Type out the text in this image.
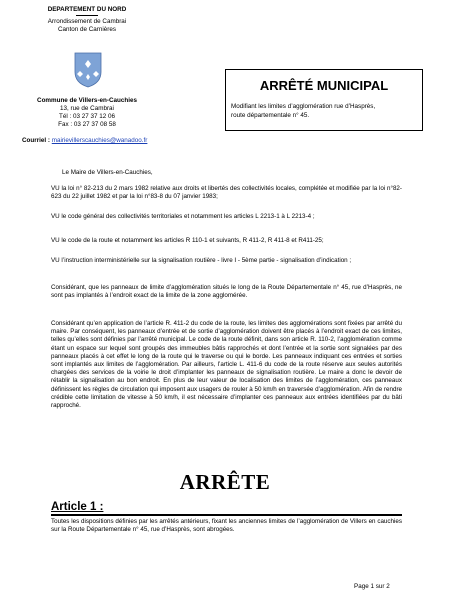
DEPARTEMENT DU NORD
Arrondissement de Cambrai
Canton de Carnières
Commune de Villers-en-Cauchies
13, rue de Cambrai
Tél : 03 27 37 12 06
Fax : 03 27 37 08 58
Courriel : mairievillerscauchies@wanadoo.fr
ARRÊTÉ MUNICIPAL
Modifiant les limites d’agglomération rue d’Hasprès,
route départementale n° 45.
Le Maire de Villers-en-Cauchies,
VU la loi n° 82-213 du 2 mars 1982 relative aux droits et libertés des collectivités locales, complétée et modifiée par la loi n°82-623 du 22 juillet 1982 et par la loi n°83-8 du 07 janvier 1983;
VU le code général des collectivités territoriales et notamment les articles L 2213-1 à L 2213-4 ;
VU le code de la route et notamment les articles R 110-1 et suivants, R 411-2, R 411-8 et R411-25;
VU l’instruction interministérielle sur la signalisation routière - livre I - 5ème partie - signalisation d’indication ;
Considérant, que les panneaux de limite d’agglomération situés le long de la Route Départementale n° 45, rue d’Hasprès, ne sont pas implantés à l’endroit exact de la limite de la zone agglomérée.
Considérant qu’en application de l’article R. 411-2 du code de la route, les limites des agglomérations sont fixées par arrêté du maire. Par conséquent, les panneaux d’entrée et de sortie d’agglomération doivent être placés à l’endroit exact de ces limites, telles qu’elles sont définies par l’arrêté municipal. Le code de la route définit, dans son article R. 110-2, l’agglomération comme étant un espace sur lequel sont groupés des immeubles bâtis rapprochés et dont l’entrée et la sortie sont signalées par des panneaux placés à cet effet le long de la route qui le traverse ou qui le borde. Les panneaux indiquant ces entrées et sorties sont implantés aux limites de l’agglomération. Par ailleurs, l’article L. 411-6 du code de la route réserve aux seules autorités chargées des services de la voirie le droit d’implanter les panneaux de signalisation routière. Le maire a donc le devoir de rétablir la signalisation au bon endroit. En plus de leur valeur de localisation des limites de l’agglomération, ces panneaux définissent les règles de circulation qui imposent aux usagers de rouler à 50 km/h en traversée d’agglomération. Afin de rendre crédible cette limitation de vitesse à 50 km/h, il est nécessaire d’implanter ces panneaux aux entrées identifiées par du bâti rapproché.
ARRÊTE
Article 1 :
Toutes les dispositions définies par les arrêtés antérieurs, fixant les anciennes limites de l’agglomération de Villers en cauchies sur la Route Départementale n° 45, rue d’Hasprès, sont abrogées.
Page 1 sur 2
